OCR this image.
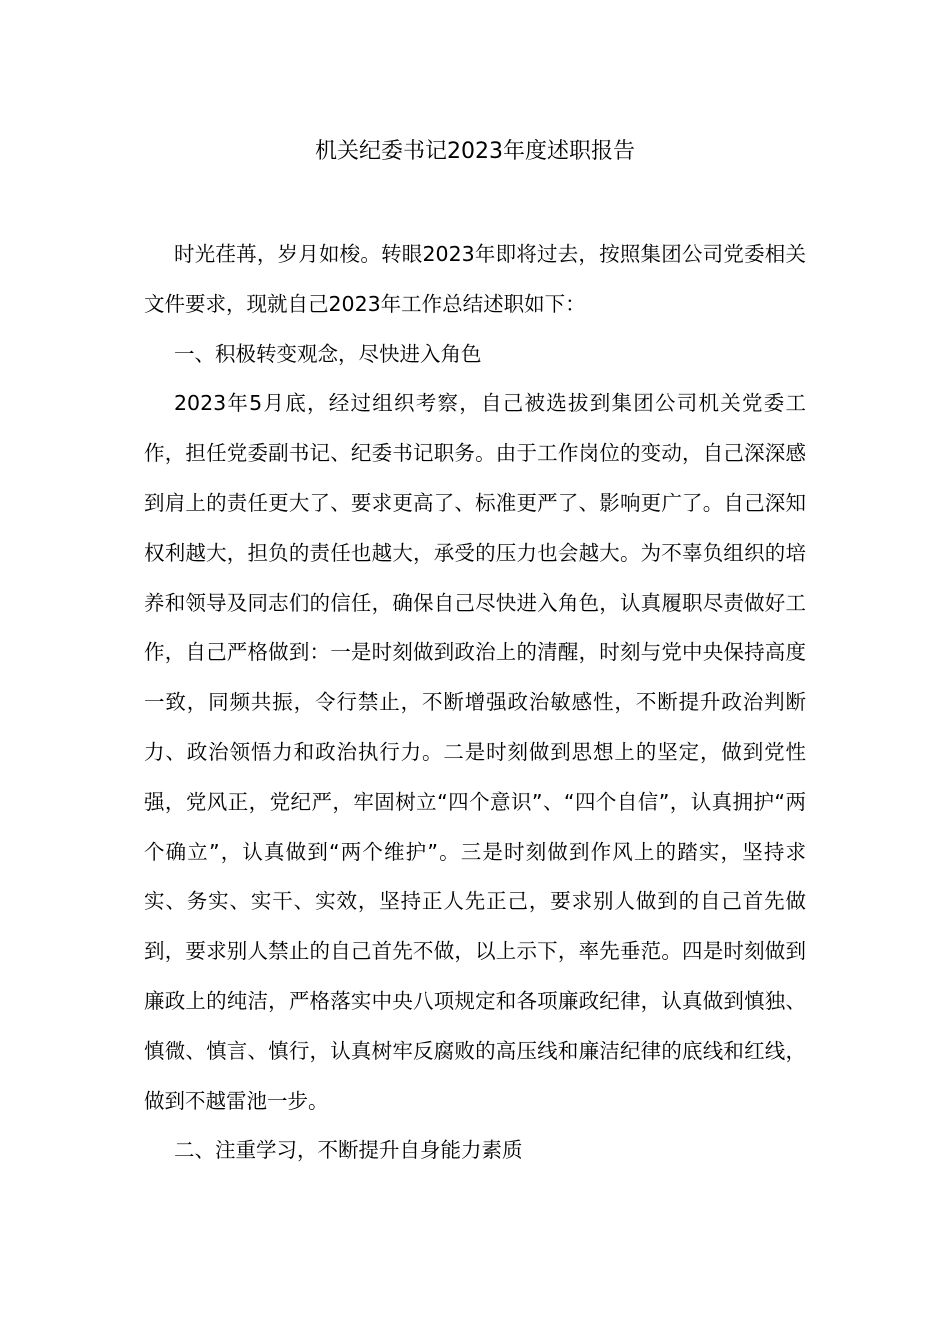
机关纪委书记2023年度述职报告

时光荏苒，岁月如梭。转眼2023年即将过去，按照集团公司党委相关文件要求，现就自己2023年工作总结述职如下：

一、积极转变观念，尽快进入角色

2023年5月底，经过组织考察，自己被选拔到集团公司机关党委工作，担任党委副书记、纪委书记职务。由于工作岗位的变动，自己深深感到肩上的责任更大了、要求更高了、标准更严了、影响更广了。自己深知权利越大，担负的责任也越大，承受的压力也会越大。为不辜负组织的培养和领导及同志们的信任，确保自己尽快进入角色，认真履职尽责做好工作，自己严格做到：一是时刻做到政治上的清醒，时刻与党中央保持高度一致，同频共振，令行禁止，不断增强政治敏感性，不断提升政治判断力、政治领悟力和政治执行力。二是时刻做到思想上的坚定，做到党性强，党风正，党纪严，牢固树立“四个意识”、“四个自信”，认真拥护“两个确立”，认真做到“两个维护”。三是时刻做到作风上的踏实，坚持求实、务实、实干、实效，坚持正人先正己，要求别人做到的自己首先做到，要求别人禁止的自己首先不做，以上示下，率先垂范。四是时刻做到廉政上的纯洁，严格落实中央八项规定和各项廉政纪律，认真做到慎独、慎微、慎言、慎行，认真树牢反腐败的高压线和廉洁纪律的底线和红线，做到不越雷池一步。

二、注重学习，不断提升自身能力素质
